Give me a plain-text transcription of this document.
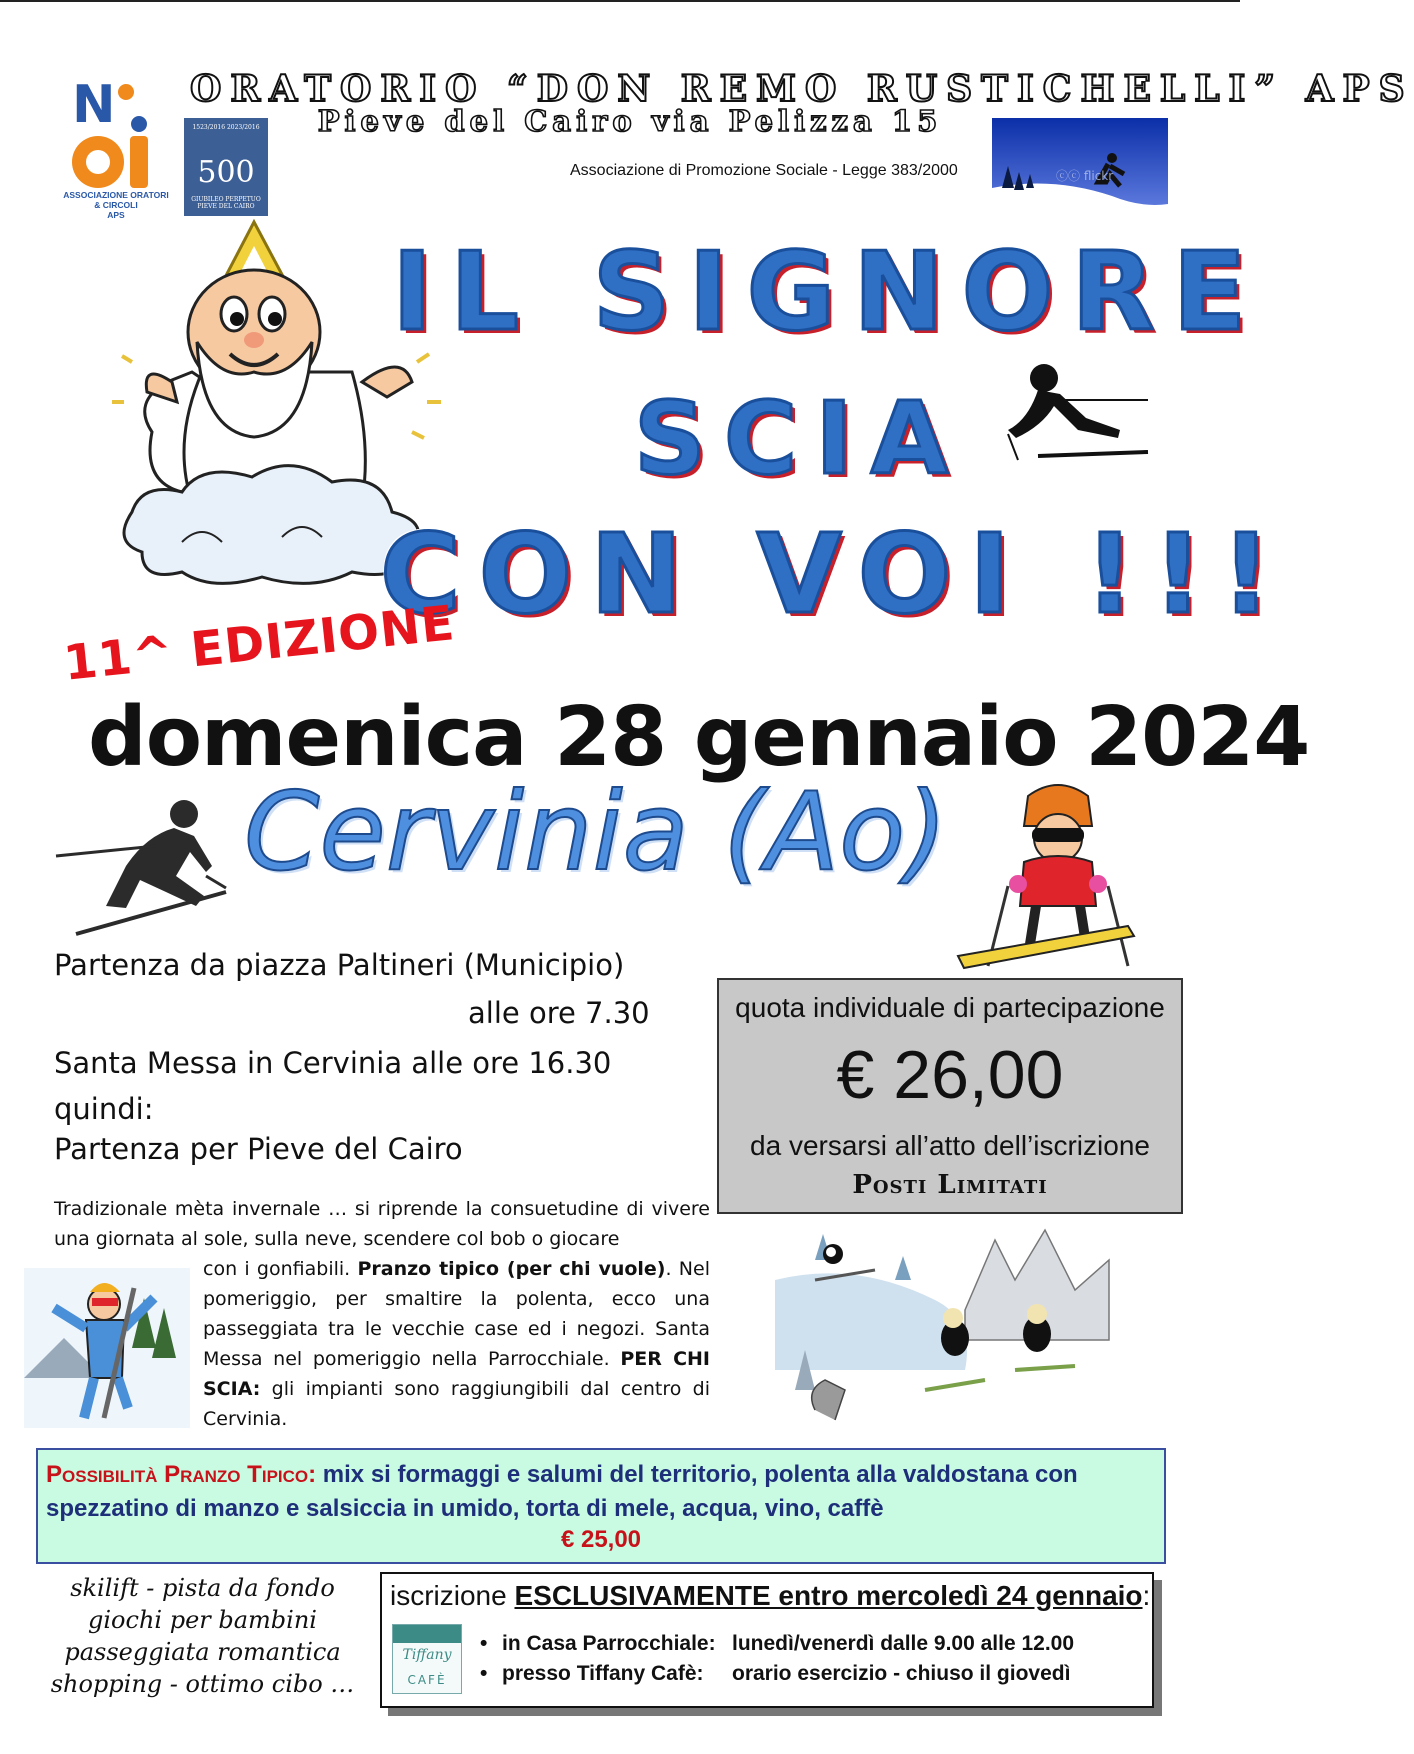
N
ASSOCIAZIONE ORATORI & CIRCOLI
APS
1523/2016 2023/2016
500
GIUBILEO PERPETUO PIEVE DEL CAIRO
ORATORIO “DON REMO RUSTICHELLI” APS
Pieve del Cairo via Pelizza 15
Associazione di Promozione Sociale - Legge 383/2000	ⓒⓒ flickr
IL SIGNORE
SCIA
CON VOI !!!
11^ EDIZIONE
domenica 28 gennaio 2024
Cervinia (Ao)
Partenza da piazza Paltineri (Municipio)
alle ore 7.30
Santa Messa in Cervinia alle ore 16.30
quindi:
Partenza per Pieve del Cairo
quota individuale di partecipazione
€ 26,00
da versarsi all’atto dell’iscrizione
Posti Limitati
Tradizionale mèta invernale … si riprende la consuetudine di vivere una giornata al sole, sulla neve, scendere col bob o giocare
con i gonfiabili. Pranzo tipico (per chi vuole). Nel pomeriggio, per smaltire la polenta, ecco una passeggiata tra le vecchie case ed i negozi. Santa Messa nel pomeriggio nella Parrocchiale. PER CHI SCIA: gli impianti sono raggiungibili dal centro di Cervinia.
Possibilità Pranzo Tipico: mix si formaggi e salumi del territorio, polenta alla valdostana con spezzatino di manzo e salsiccia in umido, torta di mele, acqua, vino, caffè
€ 25,00
skilift - pista da fondo
giochi per bambini
passeggiata romantica
shopping - ottimo cibo …
iscrizione ESCLUSIVAMENTE entro mercoledì 24 gennaio:
Tiffany
CAFÈ
• in Casa Parrocchiale: lunedì/venerdì dalle 9.00 alle 12.00
• presso Tiffany Cafè: orario esercizio - chiuso il giovedì
